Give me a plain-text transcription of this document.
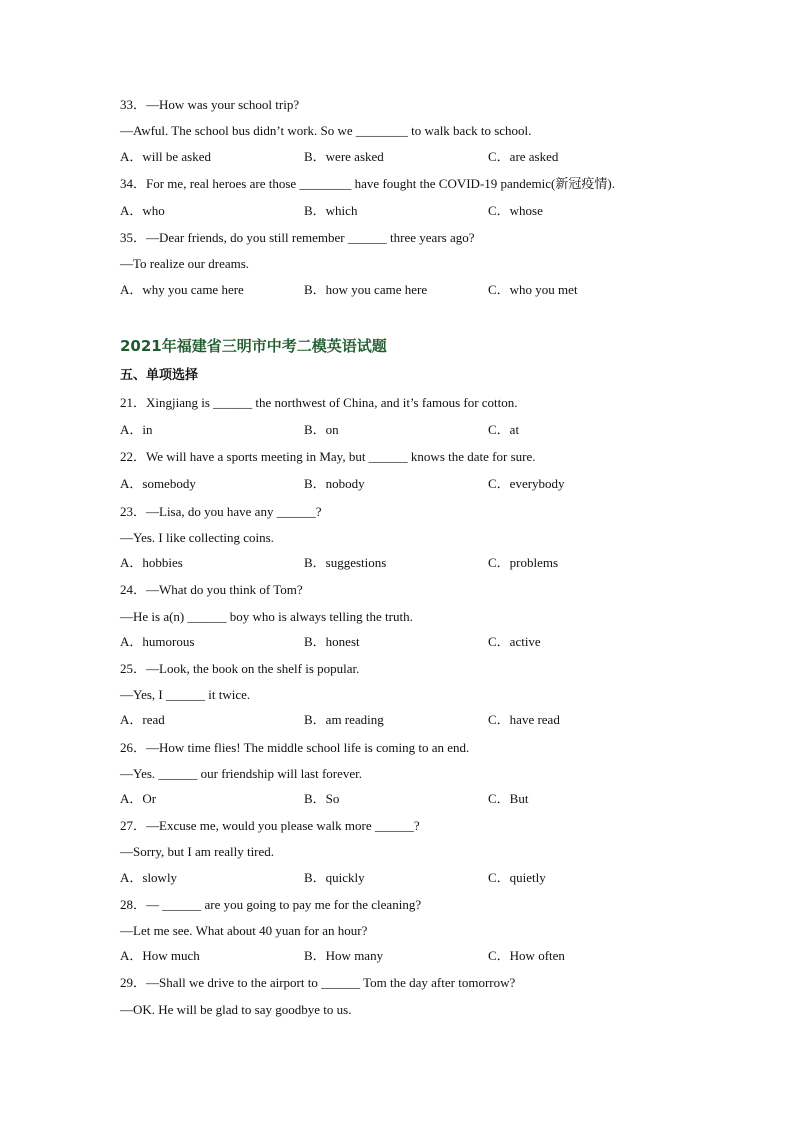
33．—How was your school trip?
—Awful. The school bus didn’t work. So we ________ to walk back to school.
A．will be asked	B．were asked	C．are asked
34．For me, real heroes are those ________ have fought the COVID-19 pandemic(新冠疫情).
A．who	B．which	C．whose
35．—Dear friends, do you still remember ______ three years ago?
—To realize our dreams.
A．why you came here	B．how you came here	C．who you met
2021年福建省三明市中考二模英语试题
五、单项选择
21．Xingjiang is ______ the northwest of China, and it’s famous for cotton.
A．in	B．on	C．at
22．We will have a sports meeting in May, but ______ knows the date for sure.
A．somebody	B．nobody	C．everybody
23．—Lisa, do you have any ______?
—Yes. I like collecting coins.
A．hobbies	B．suggestions	C．problems
24．—What do you think of Tom?
—He is a(n) ______ boy who is always telling the truth.
A．humorous	B．honest	C．active
25．—Look, the book on the shelf is popular.
—Yes, I ______ it twice.
A．read	B．am reading	C．have read
26．—How time flies! The middle school life is coming to an end.
—Yes. ______ our friendship will last forever.
A．Or	B．So	C．But
27．—Excuse me, would you please walk more ______?
—Sorry, but I am really tired.
A．slowly	B．quickly	C．quietly
28．— ______ are you going to pay me for the cleaning?
—Let me see. What about 40 yuan for an hour?
A．How much	B．How many	C．How often
29．—Shall we drive to the airport to ______ Tom the day after tomorrow?
—OK. He will be glad to say goodbye to us.
